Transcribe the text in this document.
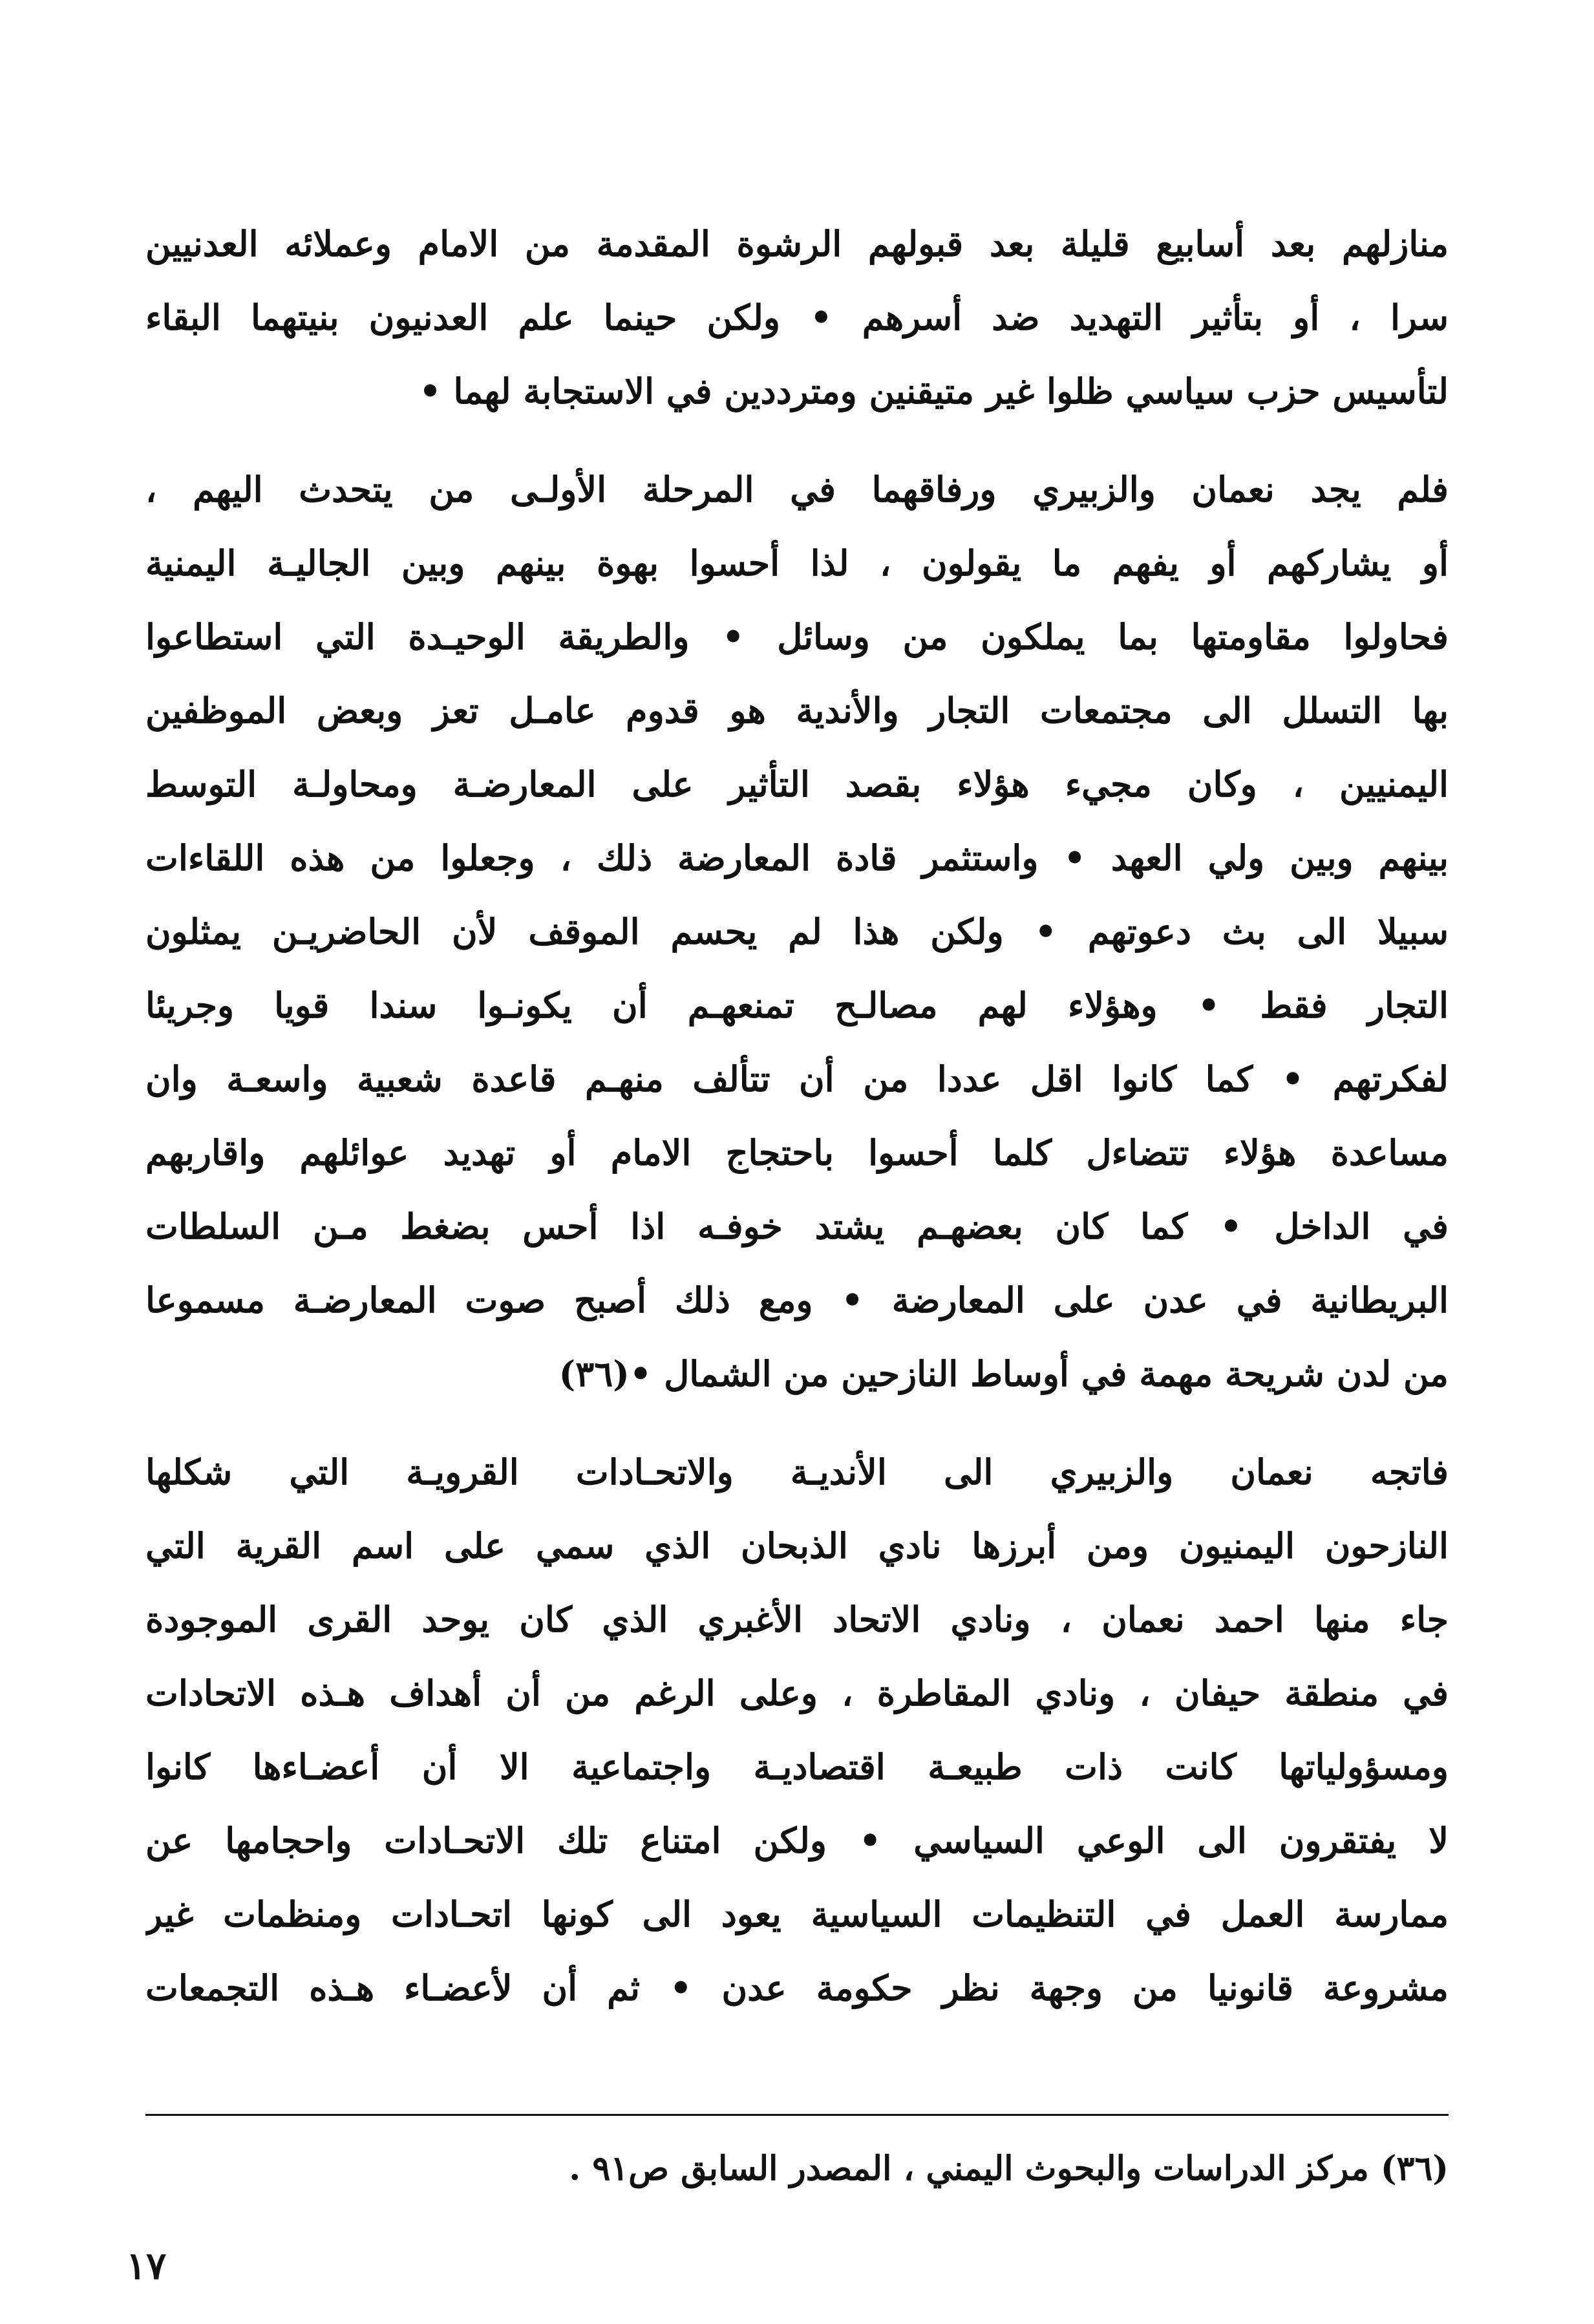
منازلهم بعد أسابيع قليلة بعد قبولهم الرشوة المقدمة من الامام وعملائه العدنيين
سرا ، أو بتأثير التهديد ضد أسرهم • ولكن حينما علم العدنيون بنيتهما البقاء
لتأسيس حزب سياسي ظلوا غير متيقنين ومترددين في الاستجابة لهما •
فلم يجد نعمان والزبيري ورفاقهما في المرحلة الأولـى من يتحدث اليهم ،
أو يشاركهم أو يفهم ما يقولون ، لذا أحسوا بهوة بينهم وبين الجاليـة اليمنية
فحاولوا مقاومتها بما يملكون من وسائل • والطريقة الوحيـدة التي استطاعوا
بها التسلل الى مجتمعات التجار والأندية هو قدوم عامـل تعز وبعض الموظفين
اليمنيين ، وكان مجيء هؤلاء بقصد التأثير على المعارضـة ومحاولـة التوسط
بينهم وبين ولي العهد • واستثمر قادة المعارضة ذلك ، وجعلوا من هذه اللقاءات
سبيلا الى بث دعوتهم • ولكن هذا لم يحسم الموقف لأن الحاضريـن يمثلون
التجار فقط • وهؤلاء لهم مصالـح تمنعهـم أن يكونـوا سندا قويا وجريئا
لفكرتهم • كما كانوا اقل عددا من أن تتألف منهـم قاعدة شعبية واسعـة وان
مساعدة هؤلاء تتضاءل كلما أحسوا باحتجاج الامام أو تهديد عوائلهم واقاربهم
في الداخل • كما كان بعضهـم يشتد خوفـه اذا أحس بضغط مـن السلطات
البريطانية في عدن على المعارضة • ومع ذلك أصبح صوت المعارضـة مسموعا
من لدن شريحة مهمة في أوساط النازحين من الشمال •(٣٦)
فاتجه نعمان والزبيري الى الأنديـة والاتحـادات القرويـة التي شكلها
النازحون اليمنيون ومن أبرزها نادي الذبحان الذي سمي على اسم القرية التي
جاء منها احمد نعمان ، ونادي الاتحاد الأغبري الذي كان يوحد القرى الموجودة
في منطقة حيفان ، ونادي المقاطرة ، وعلى الرغم من أن أهداف هـذه الاتحادات
ومسؤولياتها كانت ذات طبيعـة اقتصاديـة واجتماعية الا أن أعضـاءها كانوا
لا يفتقرون الى الوعي السياسي • ولكن امتناع تلك الاتحـادات واحجامها عن
ممارسة العمل في التنظيمات السياسية يعود الى كونها اتحـادات ومنظمات غير
مشروعة قانونيا من وجهة نظر حكومة عدن • ثم أن لأعضـاء هـذه التجمعات
(٣٦) مركز الدراسات والبحوث اليمني ، المصدر السابق ص٩١ .
١٧
